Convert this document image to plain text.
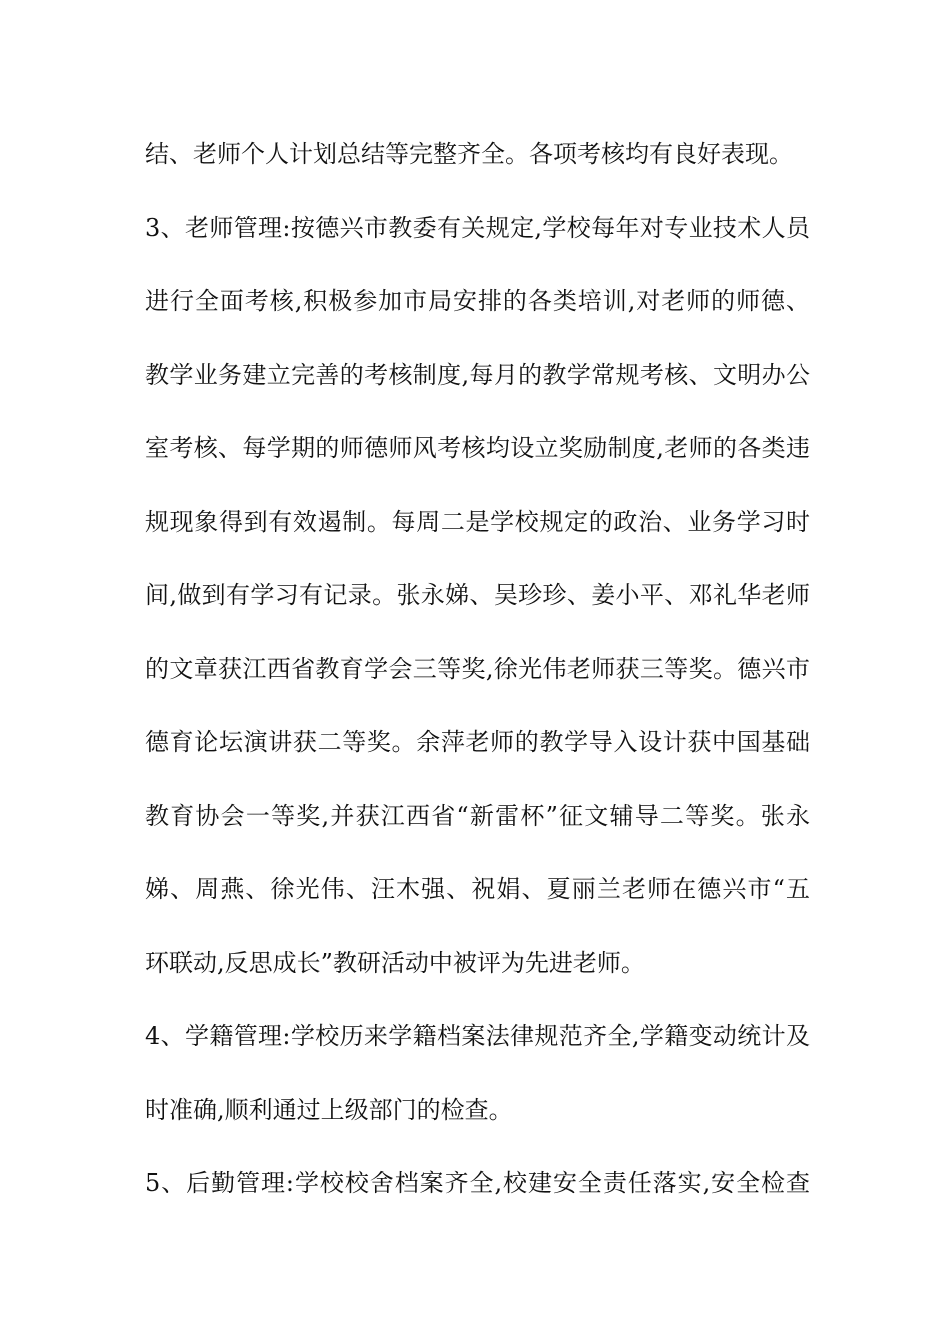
结、老师个人计划总结等完整齐全。各项考核均有良好表现。
3、老师管理:按德兴市教委有关规定,学校每年对专业技术人员
进行全面考核,积极参加市局安排的各类培训,对老师的师德、
教学业务建立完善的考核制度,每月的教学常规考核、文明办公
室考核、每学期的师德师风考核均设立奖励制度,老师的各类违
规现象得到有效遏制。每周二是学校规定的政治、业务学习时
间,做到有学习有记录。张永娣、吴珍珍、姜小平、邓礼华老师
的文章获江西省教育学会三等奖,徐光伟老师获三等奖。德兴市
德育论坛演讲获二等奖。余萍老师的教学导入设计获中国基础
教育协会一等奖,并获江西省“新雷杯”征文辅导二等奖。张永
娣、周燕、徐光伟、汪木强、祝娟、夏丽兰老师在德兴市“五
环联动,反思成长”教研活动中被评为先进老师。
4、学籍管理:学校历来学籍档案法律规范齐全,学籍变动统计及
时准确,顺利通过上级部门的检查。
5、后勤管理:学校校舍档案齐全,校建安全责任落实,安全检查
